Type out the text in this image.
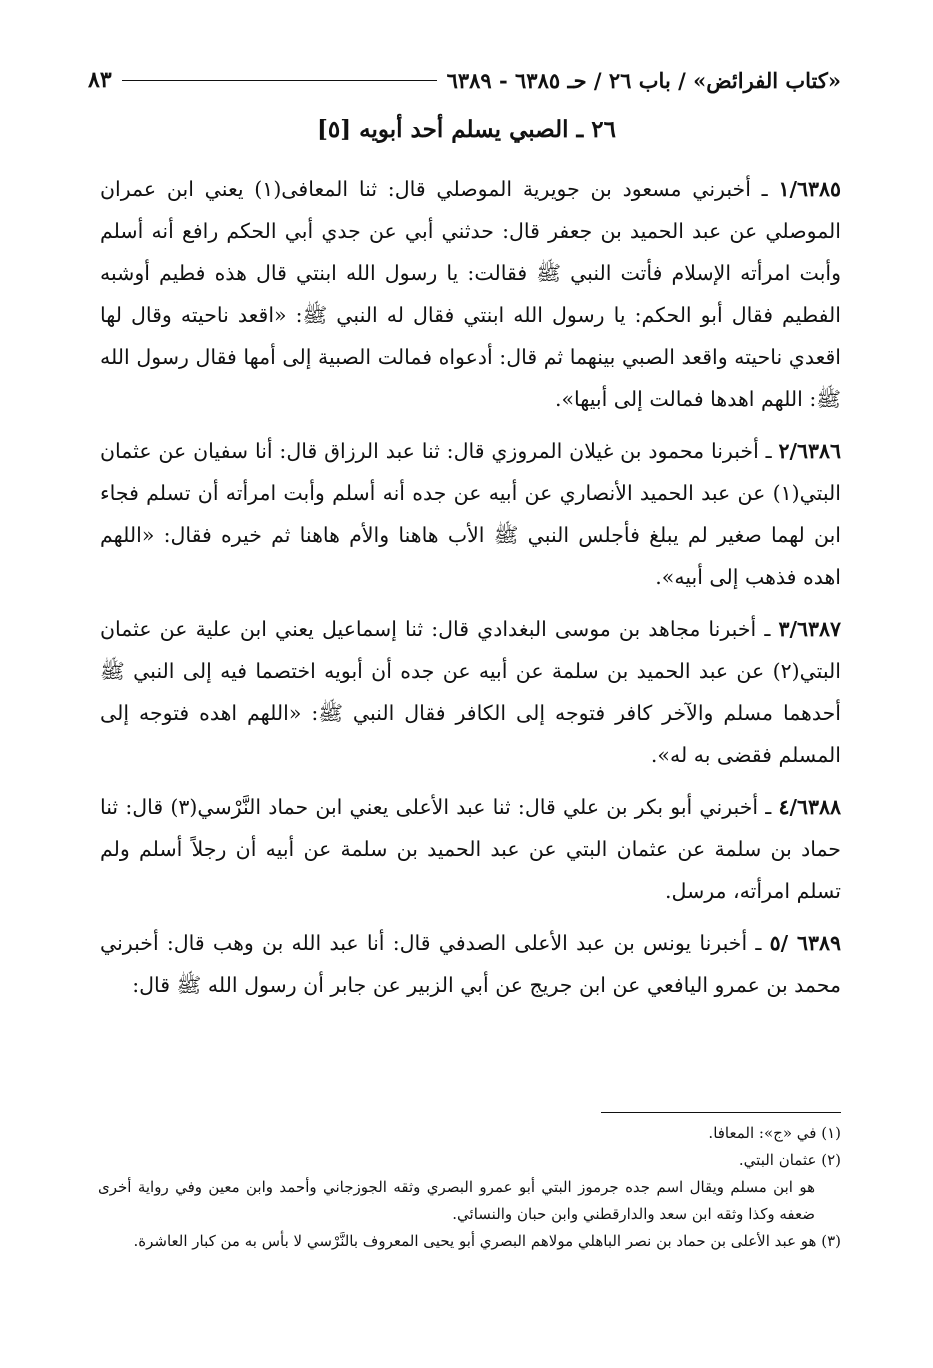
«كتاب الفرائض» / باب ٢٦ / حـ ٦٣٨٥ - ٦٣٨٩
٨٣
٢٦ ـ الصبي يسلم أحد أبويه [٥]

١/٦٣٨٥ ـ أخبرني مسعود بن جويرية الموصلي قال: ثنا المعافى(١) يعني ابن عمران الموصلي عن عبد الحميد بن جعفر قال: حدثني أبي عن جدي أبي الحكم رافع أنه أسلم وأبت امرأته الإسلام فأتت النبي ﷺ فقالت: يا رسول الله ابنتي قال هذه فطيم أوشبه الفطيم فقال أبو الحكم: يا رسول الله ابنتي فقال له النبي ﷺ: «اقعد ناحيته وقال لها اقعدي ناحيته واقعد الصبي بينهما ثم قال: أدعواه فمالت الصبية إلى أمها فقال رسول الله ﷺ: اللهم اهدها فمالت إلى أبيها».

٢/٦٣٨٦ ـ أخبرنا محمود بن غيلان المروزي قال: ثنا عبد الرزاق قال: أنا سفيان عن عثمان البتي(١) عن عبد الحميد الأنصاري عن أبيه عن جده أنه أسلم وأبت امرأته أن تسلم فجاء ابن لهما صغير لم يبلغ فأجلس النبي ﷺ الأب هاهنا والأم هاهنا ثم خيره فقال: «اللهم اهده فذهب إلى أبيه».

٣/٦٣٨٧ ـ أخبرنا مجاهد بن موسى البغدادي قال: ثنا إسماعيل يعني ابن علية عن عثمان البتي(٢) عن عبد الحميد بن سلمة عن أبيه عن جده أن أبويه اختصما فيه إلى النبي ﷺ أحدهما مسلم والآخر كافر فتوجه إلى الكافر فقال النبي ﷺ: «اللهم اهده فتوجه إلى المسلم فقضى به له».

٤/٦٣٨٨ ـ أخبرني أبو بكر بن علي قال: ثنا عبد الأعلى يعني ابن حماد النَّرْسي(٣) قال: ثنا حماد بن سلمة عن عثمان البتي عن عبد الحميد بن سلمة عن أبيه أن رجلاً أسلم ولم تسلم امرأته، مرسل.

٦٣٨٩ /٥ ـ أخبرنا يونس بن عبد الأعلى الصدفي قال: أنا عبد الله بن وهب قال: أخبرني محمد بن عمرو اليافعي عن ابن جريج عن أبي الزبير عن جابر أن رسول الله ﷺ قال:

(١) في «ج»: المعافا.

(٢) عثمان البتي.

هو ابن مسلم ويقال اسم جده جرموز البتي أبو عمرو البصري وثقه الجوزجاني وأحمد وابن معين وفي رواية أخرى ضعفه وكذا وثقه ابن سعد والدارقطني وابن حبان والنسائي.

(٣) هو عبد الأعلى بن حماد بن نصر الباهلي مولاهم البصري أبو يحيى المعروف بالنَّرْسي لا بأس به من كبار العاشرة.
